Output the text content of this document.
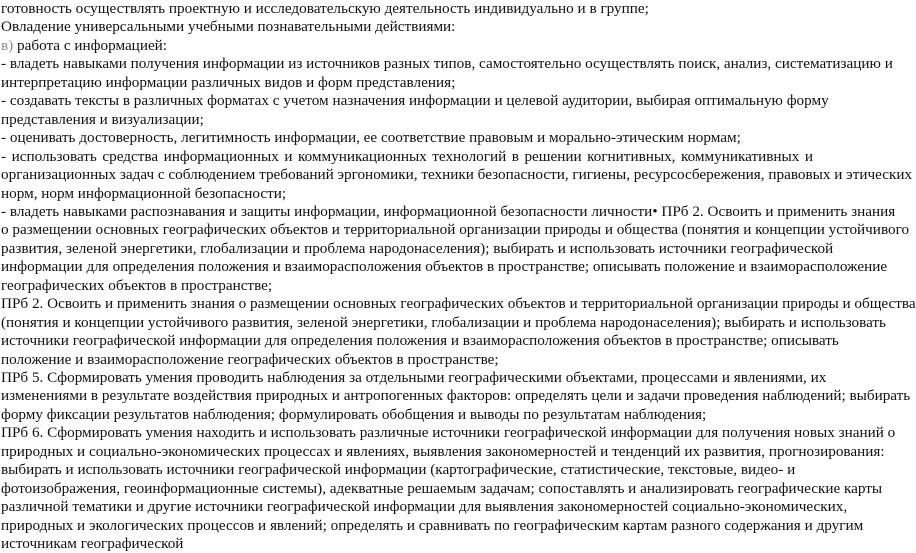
готовность осуществлять проектную и исследовательскую деятельность индивидуально и в группе;
Овладение универсальными учебными познавательными действиями:
в) работа с информацией:
- владеть навыками получения информации из источников разных типов, самостоятельно осуществлять поиск, анализ, систематизацию и
интерпретацию информации различных видов и форм представления;
- создавать тексты в различных форматах с учетом назначения информации и целевой аудитории, выбирая оптимальную форму
представления и визуализации;
- оценивать достоверность, легитимность информации, ее соответствие правовым и морально-этическим нормам;
- использовать средства информационных и коммуникационных технологий в решении когнитивных, коммуникативных и
организационных задач с соблюдением требований эргономики, техники безопасности, гигиены, ресурсосбережения, правовых и этических
норм, норм информационной безопасности;
- владеть навыками распознавания и защиты информации, информационной безопасности личности• ПРб 2. Освоить и применить знания
о размещении основных географических объектов и территориальной организации природы и общества (понятия и концепции устойчивого
развития, зеленой энергетики, глобализации и проблема народонаселения); выбирать и использовать источники географической
информации для определения положения и взаиморасположения объектов в пространстве; описывать положение и взаиморасположение
географических объектов в пространстве;
ПРб 2. Освоить и применить знания о размещении основных географических объектов и территориальной организации природы и общества
(понятия и концепции устойчивого развития, зеленой энергетики, глобализации и проблема народонаселения); выбирать и использовать
источники географической информации для определения положения и взаиморасположения объектов в пространстве; описывать
положение и взаиморасположение географических объектов в пространстве;
ПРб 5. Сформировать умения проводить наблюдения за отдельными географическими объектами, процессами и явлениями, их
изменениями в результате воздействия природных и антропогенных факторов: определять цели и задачи проведения наблюдений; выбирать
форму фиксации результатов наблюдения; формулировать обобщения и выводы по результатам наблюдения;
ПРб 6. Сформировать умения находить и использовать различные источники географической информации для получения новых знаний о
природных и социально-экономических процессах и явлениях, выявления закономерностей и тенденций их развития, прогнозирования:
выбирать и использовать источники географической информации (картографические, статистические, текстовые, видео- и
фотоизображения, геоинформационные системы), адекватные решаемым задачам; сопоставлять и анализировать географические карты
различной тематики и другие источники географической информации для выявления закономерностей социально-экономических,
природных и экологических процессов и явлений; определять и сравнивать по географическим картам разного содержания и другим
источникам географической
